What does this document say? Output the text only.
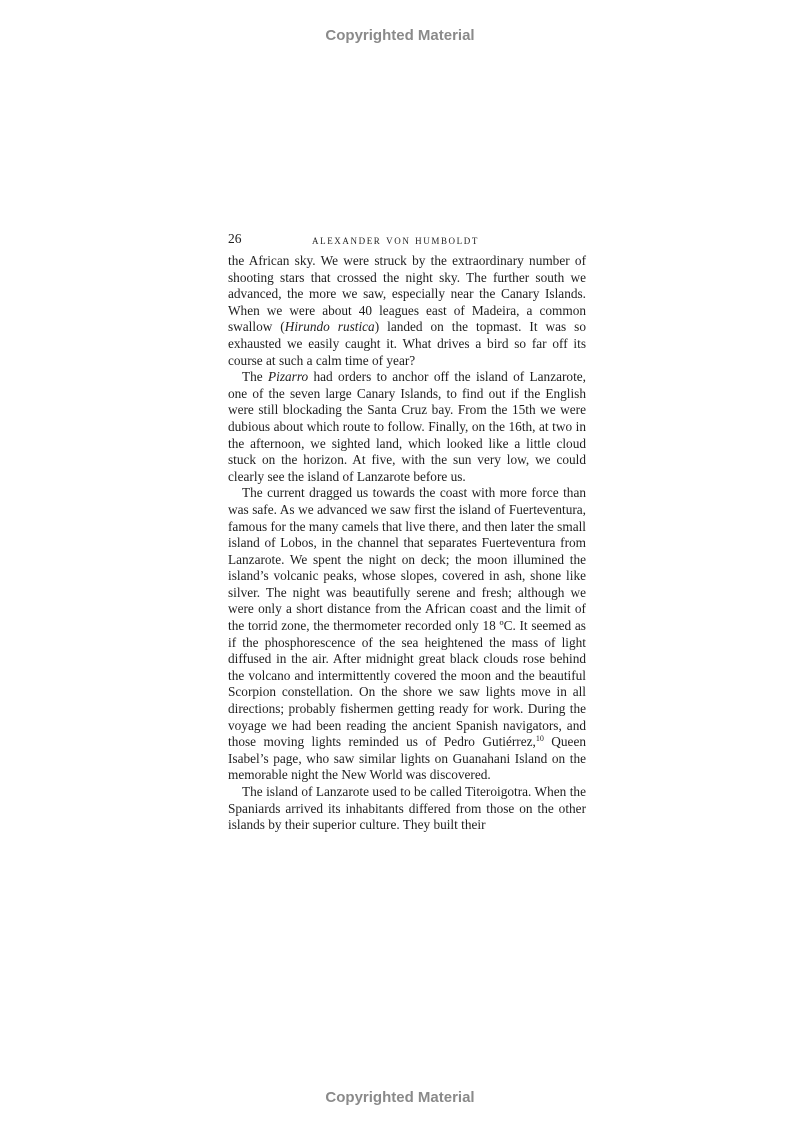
Copyrighted Material
26	alexander von humboldt

the African sky. We were struck by the extraordinary number of shooting stars that crossed the night sky. The further south we advanced, the more we saw, especially near the Canary Islands. When we were about 40 leagues east of Madeira, a common swallow (Hirundo rustica) landed on the topmast. It was so exhausted we easily caught it. What drives a bird so far off its course at such a calm time of year?

The Pizarro had orders to anchor off the island of Lanzarote, one of the seven large Canary Islands, to find out if the English were still blockading the Santa Cruz bay. From the 15th we were dubious about which route to follow. Finally, on the 16th, at two in the afternoon, we sighted land, which looked like a little cloud stuck on the horizon. At five, with the sun very low, we could clearly see the island of Lanzarote before us.

The current dragged us towards the coast with more force than was safe. As we advanced we saw first the island of Fuerteventura, famous for the many camels that live there, and then later the small island of Lobos, in the channel that separates Fuerteventura from Lanzarote. We spent the night on deck; the moon illumined the island’s volcanic peaks, whose slopes, covered in ash, shone like silver. The night was beautifully serene and fresh; although we were only a short distance from the African coast and the limit of the torrid zone, the thermometer recorded only 18 ºC. It seemed as if the phosphorescence of the sea heightened the mass of light diffused in the air. After midnight great black clouds rose behind the volcano and intermittently covered the moon and the beautiful Scorpion constellation. On the shore we saw lights move in all directions; probably fishermen getting ready for work. During the voyage we had been reading the ancient Spanish navigators, and those moving lights reminded us of Pedro Gutiérrez,$^{10}$ Queen Isabel’s page, who saw similar lights on Guanahani Island on the memorable night the New World was discovered.

The island of Lanzarote used to be called Titeroigotra. When the Spaniards arrived its inhabitants differed from those on the other islands by their superior culture. They built their

Copyrighted Material
